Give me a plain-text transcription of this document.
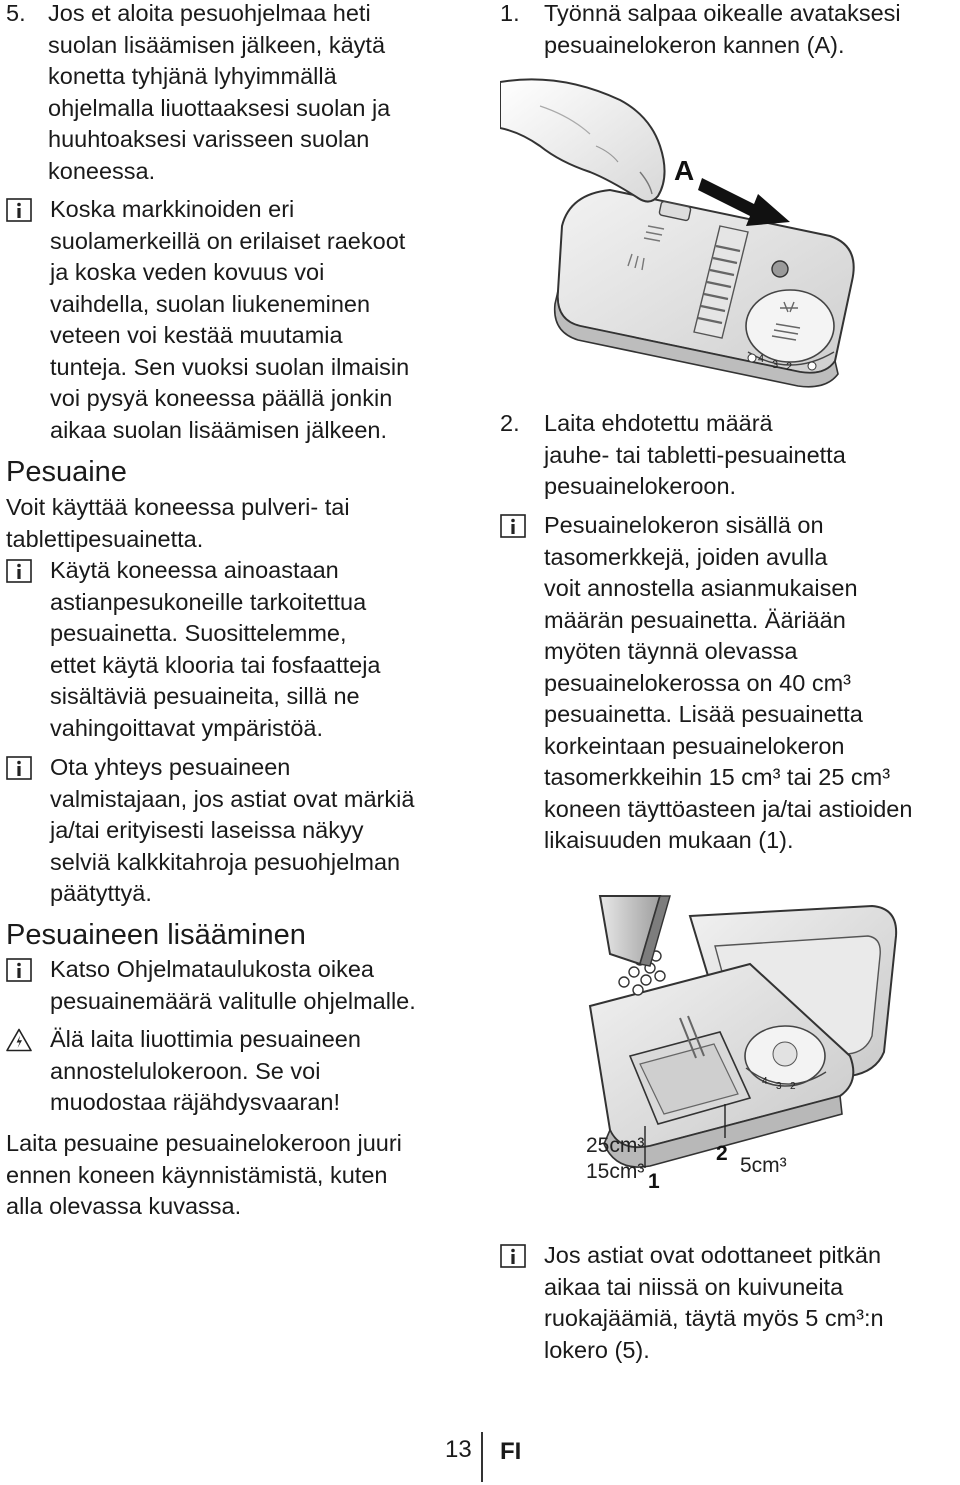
5. Jos et aloita pesuohjelmaa heti
suolan lisäämisen jälkeen, käytä
konetta tyhjänä lyhyimmällä
ohjelmalla liuottaaksesi suolan ja
huuhtoaksesi varisseen suolan
koneessa.

Koska markkinoiden eri
suolamerkeillä on erilaiset raekoot
ja koska veden kovuus voi
vaihdella, suolan liukeneminen
veteen voi kestää muutamia
tunteja. Sen vuoksi suolan ilmaisin
voi pysyä koneessa päällä jonkin
aikaa suolan lisäämisen jälkeen.

Pesuaine

Voit käyttää koneessa pulveri- tai
tablettipesuainetta.

Käytä koneessa ainoastaan
astianpesukoneille tarkoitettua
pesuainetta. Suosittelemme,
ettet käytä klooria tai fosfaatteja
sisältäviä pesuaineita, sillä ne
vahingoittavat ympäristöä.

Ota yhteys pesuaineen
valmistajaan, jos astiat ovat märkiä
ja/tai erityisesti laseissa näkyy
selviä kalkkitahroja pesuohjelman
päätyttyä.

Pesuaineen lisääminen

Katso Ohjelmataulukosta oikea
pesuainemäärä valitulle ohjelmalle.

Älä laita liuottimia pesuaineen
annostelulokeroon. Se voi
muodostaa räjähdysvaaran!

Laita pesuaine pesuainelokeroon juuri
ennen koneen käynnistämistä, kuten
alla olevassa kuvassa.

1. Työnnä salpaa oikealle avataksesi
pesuainelokeron kannen (A).

4 3 2
A
2. Laita ehdotettu määrä
jauhe- tai tabletti-pesuainetta
pesuainelokeroon.

Pesuainelokeron sisällä on
tasomerkkejä, joiden avulla
voit annostella asianmukaisen
määrän pesuainetta. Ääriään
myöten täynnä olevassa
pesuainelokerossa on 40 cm³
pesuainetta. Lisää pesuainetta
korkeintaan pesuainelokeron
tasomerkkeihin 15 cm³ tai 25 cm³
koneen täyttöasteen ja/tai astioiden
likaisuuden mukaan (1).

4 3 2
25cm³
15cm³ 1
2
5cm³

Jos astiat ovat odottaneet pitkän
aikaa tai niissä on kuivuneita
ruokajäämiä, täytä myös 5 cm³:n
lokero (5).

13 FI
